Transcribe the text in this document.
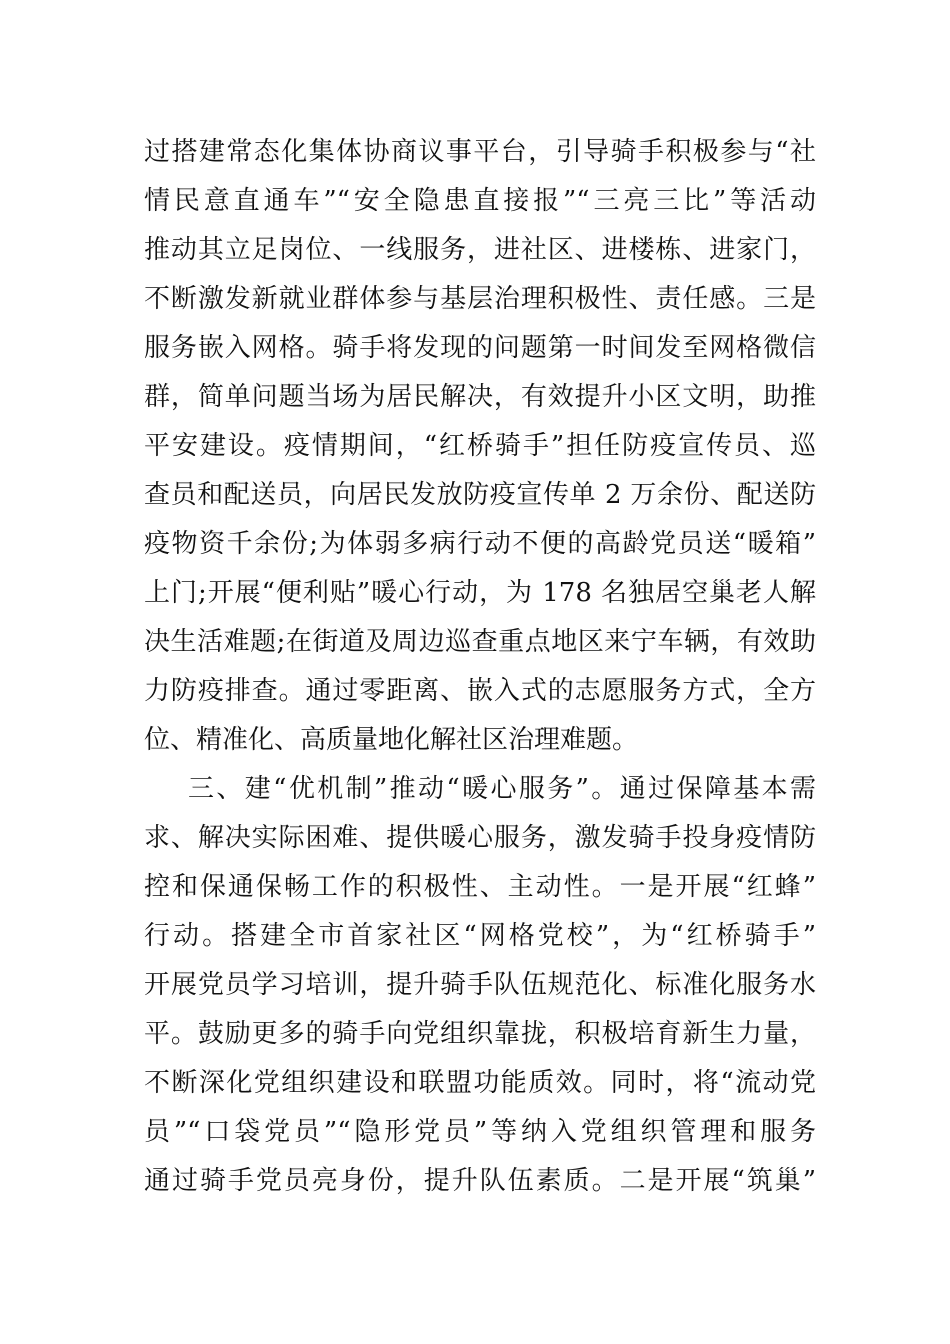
过搭建常态化集体协商议事平台，引导骑手积极参与“社
情民意直通车”“安全隐患直接报”“三亮三比”等活动
推动其立足岗位、一线服务，进社区、进楼栋、进家门，
不断激发新就业群体参与基层治理积极性、责任感。三是
服务嵌入网格。骑手将发现的问题第一时间发至网格微信
群，简单问题当场为居民解决，有效提升小区文明，助推
平安建设。疫情期间，“红桥骑手”担任防疫宣传员、巡
查员和配送员，向居民发放防疫宣传单 2 万余份、配送防
疫物资千余份;为体弱多病行动不便的高龄党员送“暖箱”
上门;开展“便利贴”暖心行动，为 178 名独居空巢老人解
决生活难题;在街道及周边巡查重点地区来宁车辆，有效助
力防疫排查。通过零距离、嵌入式的志愿服务方式，全方
位、精准化、高质量地化解社区治理难题。
三、建“优机制”推动“暖心服务”。通过保障基本需
求、解决实际困难、提供暖心服务，激发骑手投身疫情防
控和保通保畅工作的积极性、主动性。一是开展“红蜂”
行动。搭建全市首家社区“网格党校”，为“红桥骑手”
开展党员学习培训，提升骑手队伍规范化、标准化服务水
平。鼓励更多的骑手向党组织靠拢，积极培育新生力量，
不断深化党组织建设和联盟功能质效。同时，将“流动党
员”“口袋党员”“隐形党员”等纳入党组织管理和服务
通过骑手党员亮身份，提升队伍素质。二是开展“筑巢”
